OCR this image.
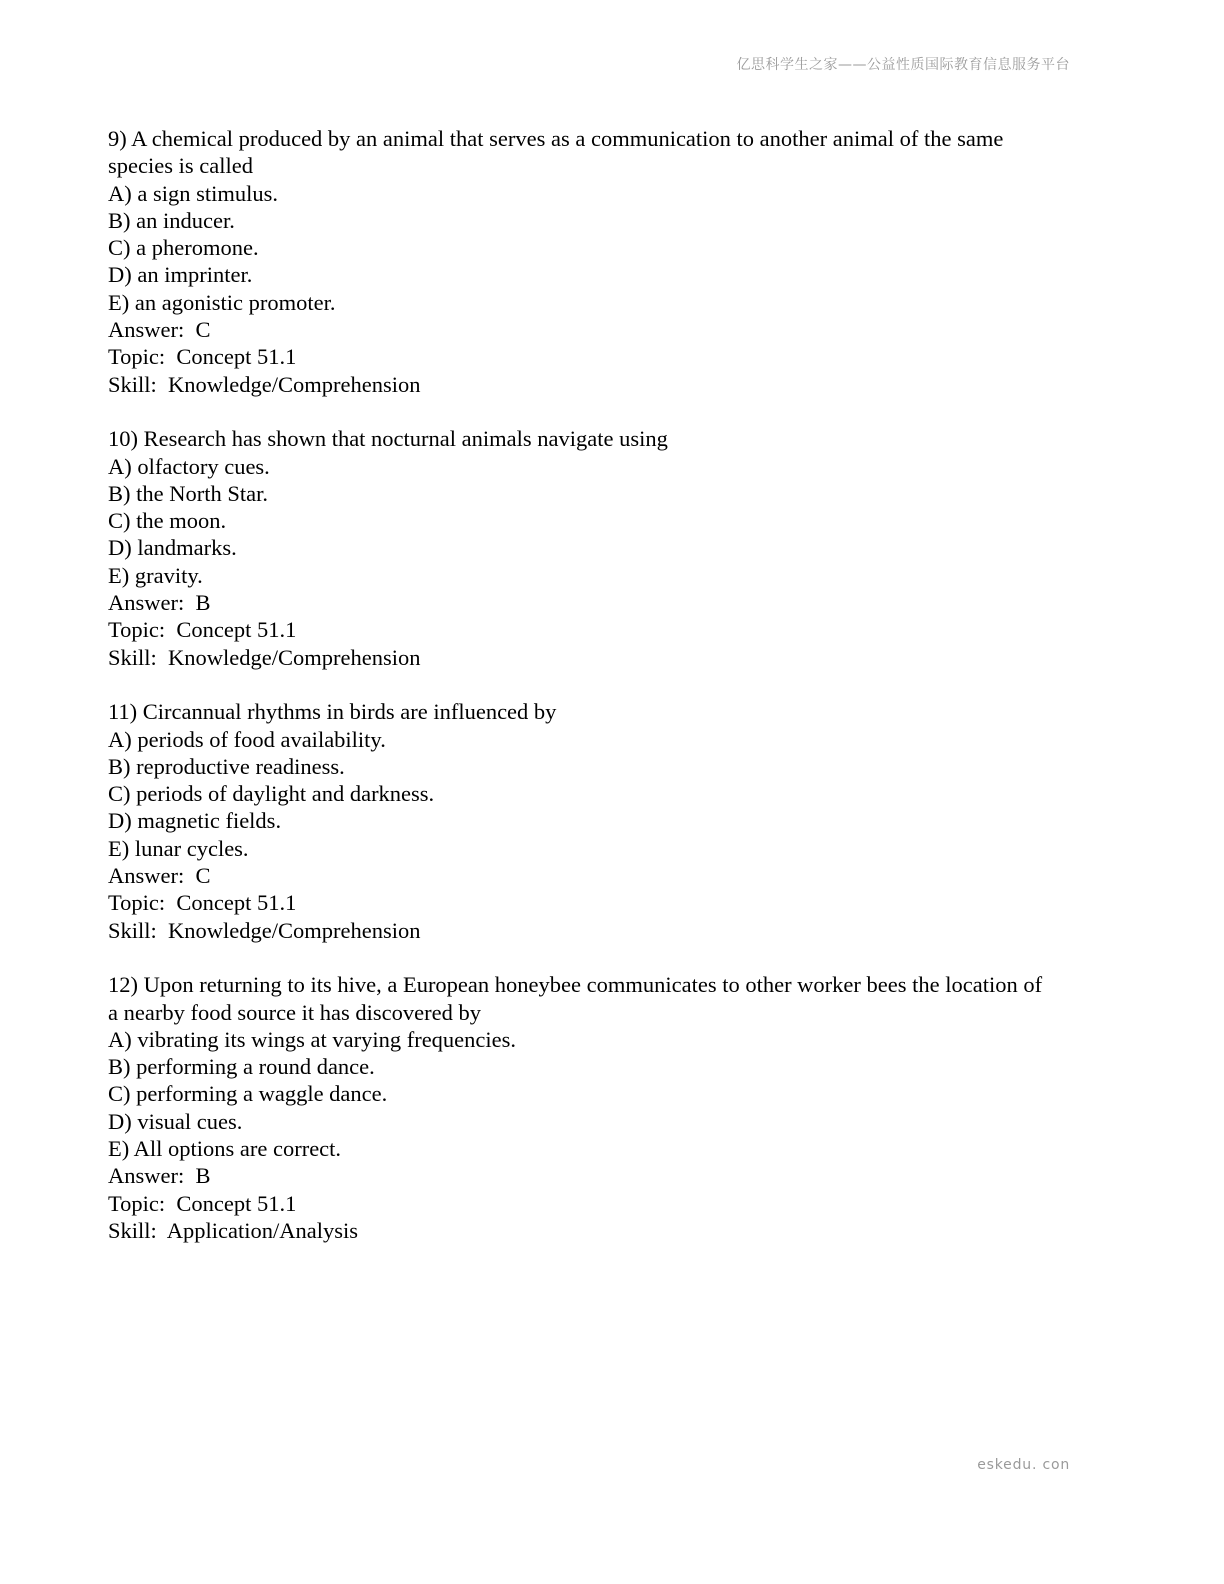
亿思科学生之家——公益性质国际教育信息服务平台
9) A chemical produced by an animal that serves as a communication to another animal of the same
species is called
A) a sign stimulus.
B) an inducer.
C) a pheromone.
D) an imprinter.
E) an agonistic promoter.
Answer:  C
Topic:  Concept 51.1
Skill:  Knowledge/Comprehension
10) Research has shown that nocturnal animals navigate using
A) olfactory cues.
B) the North Star.
C) the moon.
D) landmarks.
E) gravity.
Answer:  B
Topic:  Concept 51.1
Skill:  Knowledge/Comprehension
11) Circannual rhythms in birds are influenced by
A) periods of food availability.
B) reproductive readiness.
C) periods of daylight and darkness.
D) magnetic fields.
E) lunar cycles.
Answer:  C
Topic:  Concept 51.1
Skill:  Knowledge/Comprehension
12) Upon returning to its hive, a European honeybee communicates to other worker bees the location of
a nearby food source it has discovered by
A) vibrating its wings at varying frequencies.
B) performing a round dance.
C) performing a waggle dance.
D) visual cues.
E) All options are correct.
Answer:  B
Topic:  Concept 51.1
Skill:  Application/Analysis
eskedu. con
